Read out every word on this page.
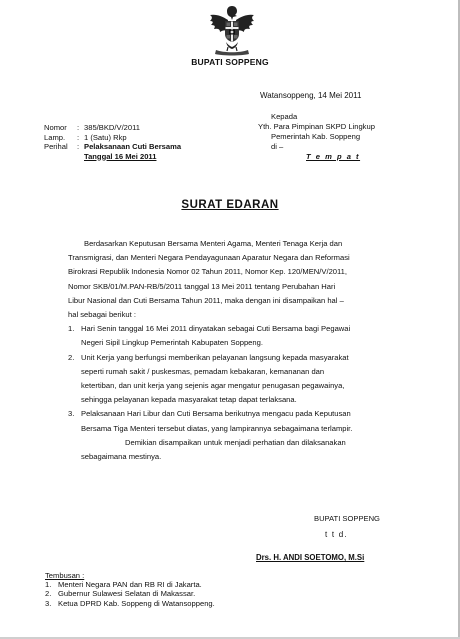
BUPATI SOPPENG
Watansoppeng, 14 Mei 2011
Kepada
Yth. Para Pimpinan SKPD Lingkup
Pemerintah Kab. Soppeng
di –
T e m p a t
Nomor	: 385/BKD/V/2011
Lamp.	: 1 (Satu) Rkp
Perihal	: Pelaksanaan Cuti Bersama
Tanggal 16 Mei 2011
SURAT EDARAN
Berdasarkan Keputusan Bersama Menteri Agama, Menteri Tenaga Kerja dan
Transmigrasi, dan Menteri Negara Pendayagunaan Aparatur Negara dan Reformasi
Birokrasi Republik Indonesia Nomor 02 Tahun 2011, Nomor Kep. 120/MEN/V/2011,
Nomor SKB/01/M.PAN-RB/5/2011 tanggal 13 Mei 2011 tentang Perubahan Hari
Libur Nasional dan Cuti Bersama Tahun 2011, maka dengan ini disampaikan hal –
hal sebagai berikut :
1. Hari Senin tanggal 16 Mei 2011 dinyatakan sebagai Cuti Bersama bagi Pegawai
Negeri Sipil Lingkup Pemerintah Kabupaten Soppeng.
2. Unit Kerja yang berfungsi memberikan pelayanan langsung kepada masyarakat
seperti rumah sakit / puskesmas, pemadam kebakaran, kemananan dan
ketertiban, dan unit kerja yang sejenis agar mengatur penugasan pegawainya,
sehingga pelayanan kepada masyarakat tetap dapat terlaksana.
3. Pelaksanaan Hari Libur dan Cuti Bersama berikutnya mengacu pada Keputusan
Bersama Tiga Menteri tersebut diatas, yang lampirannya sebagaimana terlampir.
Demikian disampaikan untuk menjadi perhatian dan dilaksanakan
sebagaimana mestinya.
BUPATI SOPPENG
t t d.
Drs. H. ANDI SOETOMO, M.Si
Tembusan :
1. Menteri Negara PAN dan RB RI di Jakarta.
2. Gubernur Sulawesi Selatan di Makassar.
3. Ketua DPRD Kab. Soppeng di Watansoppeng.
